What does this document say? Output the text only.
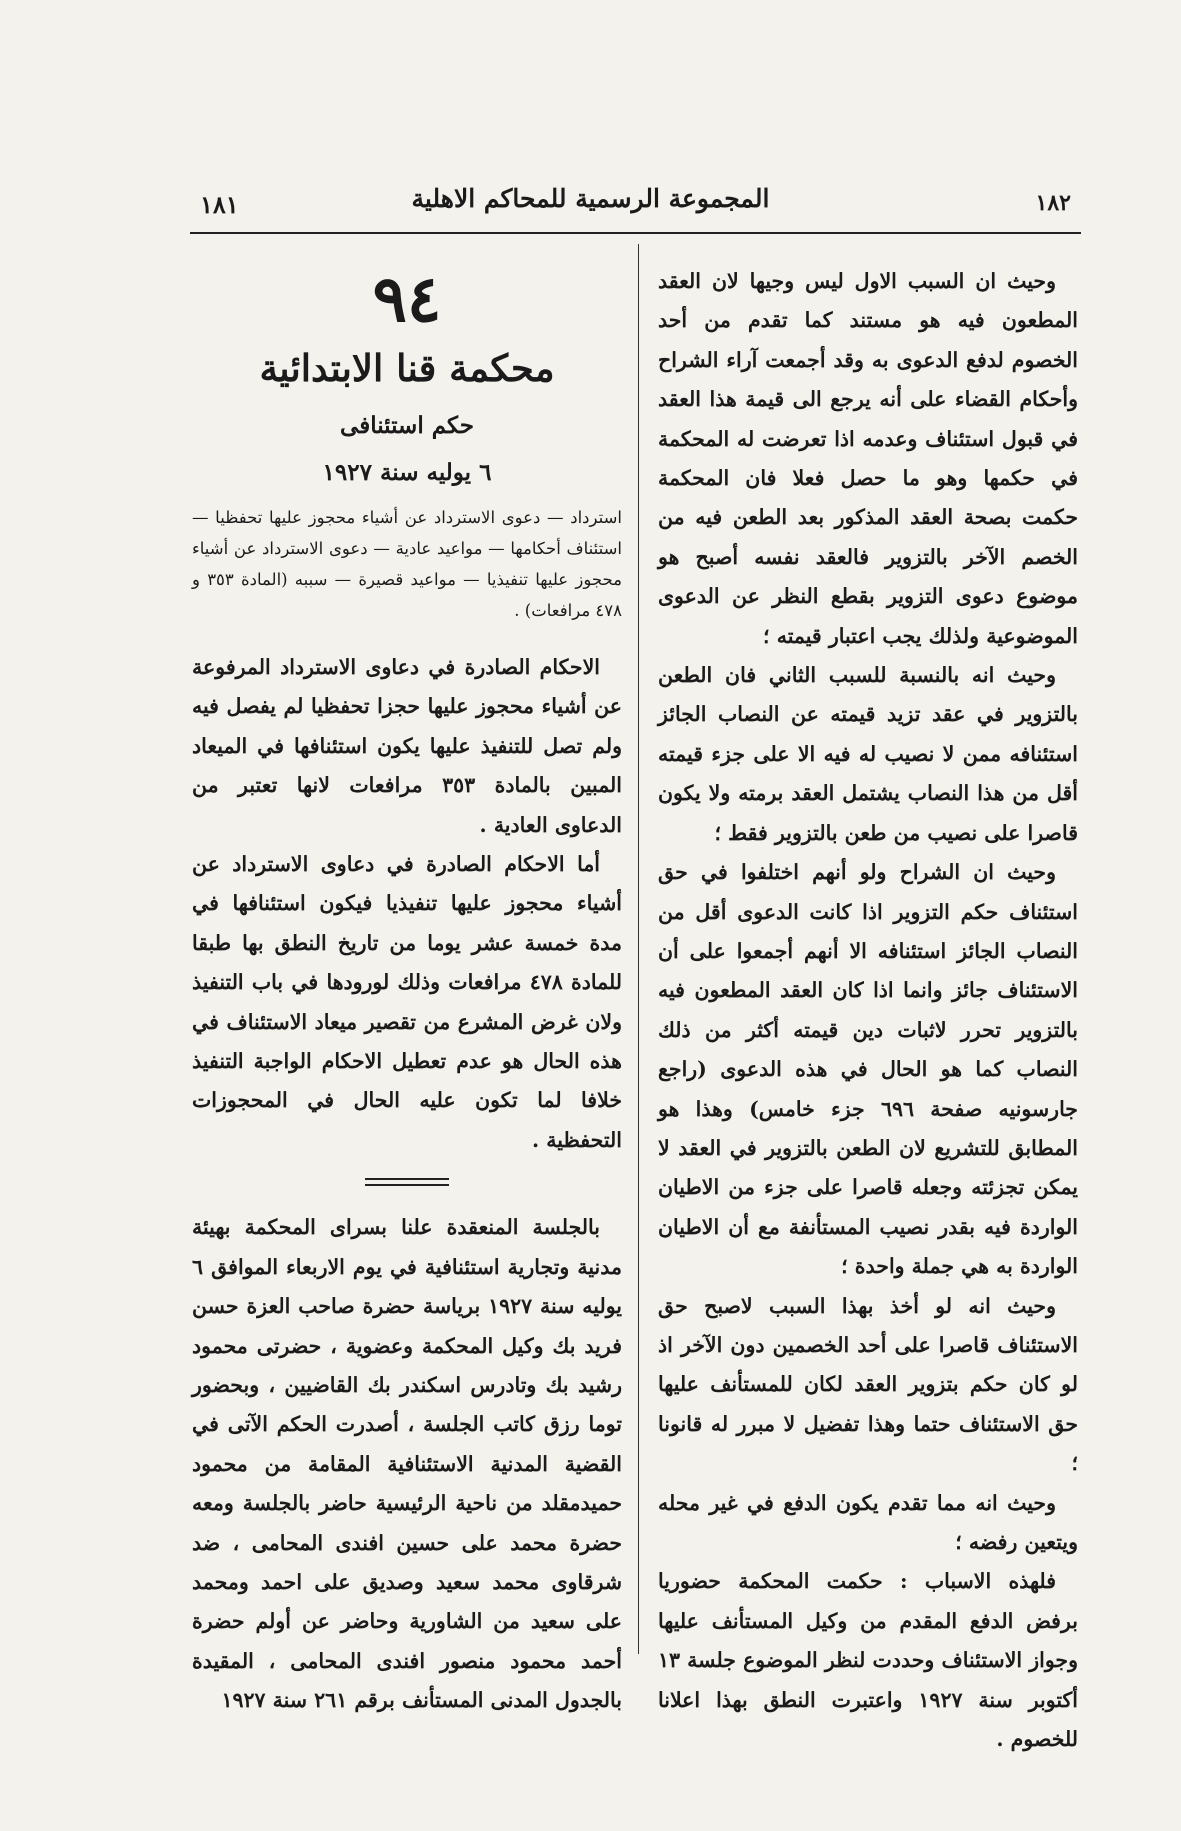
١٨٢
المجموعة الرسمية للمحاكم الاهلية
١٨١

وحيث ان السبب الاول ليس وجيها لان العقد المطعون فيه هو مستند كما تقدم من أحد الخصوم لدفع الدعوى به وقد أجمعت آراء الشراح وأحكام القضاء على أنه يرجع الى قيمة هذا العقد في قبول استئناف وعدمه اذا تعرضت له المحكمة في حكمها وهو ما حصل فعلا فان المحكمة حكمت بصحة العقد المذكور بعد الطعن فيه من الخصم الآخر بالتزوير فالعقد نفسه أصبح هو موضوع دعوى التزوير بقطع النظر عن الدعوى الموضوعية ولذلك يجب اعتبار قيمته ؛

وحيث انه بالنسبة للسبب الثاني فان الطعن بالتزوير في عقد تزيد قيمته عن النصاب الجائز استئنافه ممن لا نصيب له فيه الا على جزء قيمته أقل من هذا النصاب يشتمل العقد برمته ولا يكون قاصرا على نصيب من طعن بالتزوير فقط ؛

وحيث ان الشراح ولو أنهم اختلفوا في حق استئناف حكم التزوير اذا كانت الدعوى أقل من النصاب الجائز استئنافه الا أنهم أجمعوا على أن الاستئناف جائز وانما اذا كان العقد المطعون فيه بالتزوير تحرر لاثبات دين قيمته أكثر من ذلك النصاب كما هو الحال في هذه الدعوى (راجع جارسونيه صفحة ٦٩٦ جزء خامس) وهذا هو المطابق للتشريع لان الطعن بالتزوير في العقد لا يمكن تجزئته وجعله قاصرا على جزء من الاطيان الواردة فيه بقدر نصيب المستأنفة مع أن الاطيان الواردة به هي جملة واحدة ؛

وحيث انه لو أخذ بهذا السبب لاصبح حق الاستئناف قاصرا على أحد الخصمين دون الآخر اذ لو كان حكم بتزوير العقد لكان للمستأنف عليها حق الاستئناف حتما وهذا تفضيل لا مبرر له قانونا ؛

وحيث انه مما تقدم يكون الدفع في غير محله ويتعين رفضه ؛

فلهذه الاسباب : حكمت المحكمة حضوريا برفض الدفع المقدم من وكيل المستأنف عليها وجواز الاستئناف وحددت لنظر الموضوع جلسة ١٣ أكتوبر سنة ١٩٢٧ واعتبرت النطق بهذا اعلانا للخصوم .

٩٤
محكمة قنا الابتدائية
حكم استئنافى
٦ يوليه سنة ١٩٢٧
استرداد — دعوى الاسترداد عن أشياء محجوز عليها تحفظيا — استئناف أحكامها — مواعيد عادية — دعوى الاسترداد عن أشياء محجوز عليها تنفيذيا — مواعيد قصيرة — سببه (المادة ٣٥٣ و ٤٧٨ مرافعات) .

الاحكام الصادرة في دعاوى الاسترداد المرفوعة عن أشياء محجوز عليها حجزا تحفظيا لم يفصل فيه ولم تصل للتنفيذ عليها يكون استئنافها في الميعاد المبين بالمادة ٣٥٣ مرافعات لانها تعتبر من الدعاوى العادية .

أما الاحكام الصادرة في دعاوى الاسترداد عن أشياء محجوز عليها تنفيذيا فيكون استئنافها في مدة خمسة عشر يوما من تاريخ النطق بها طبقا للمادة ٤٧٨ مرافعات وذلك لورودها في باب التنفيذ ولان غرض المشرع من تقصير ميعاد الاستئناف في هذه الحال هو عدم تعطيل الاحكام الواجبة التنفيذ خلافا لما تكون عليه الحال في المحجوزات التحفظية .

بالجلسة المنعقدة علنا بسراى المحكمة بهيئة مدنية وتجارية استئنافية في يوم الاربعاء الموافق ٦ يوليه سنة ١٩٢٧ برياسة حضرة صاحب العزة حسن فريد بك وكيل المحكمة وعضوية ، حضرتى محمود رشيد بك وتادرس اسكندر بك القاضيين ، وبحضور توما رزق كاتب الجلسة ، أصدرت الحكم الآتى في القضية المدنية الاستئنافية المقامة من محمود حميدمقلد من ناحية الرئيسية حاضر بالجلسة ومعه حضرة محمد على حسين افندى المحامى ، ضد شرقاوى محمد سعيد وصديق على احمد ومحمد على سعيد من الشاورية وحاضر عن أولم حضرة أحمد محمود منصور افندى المحامى ، المقيدة بالجدول المدنى المستأنف برقم ٢٦١ سنة ١٩٢٧
